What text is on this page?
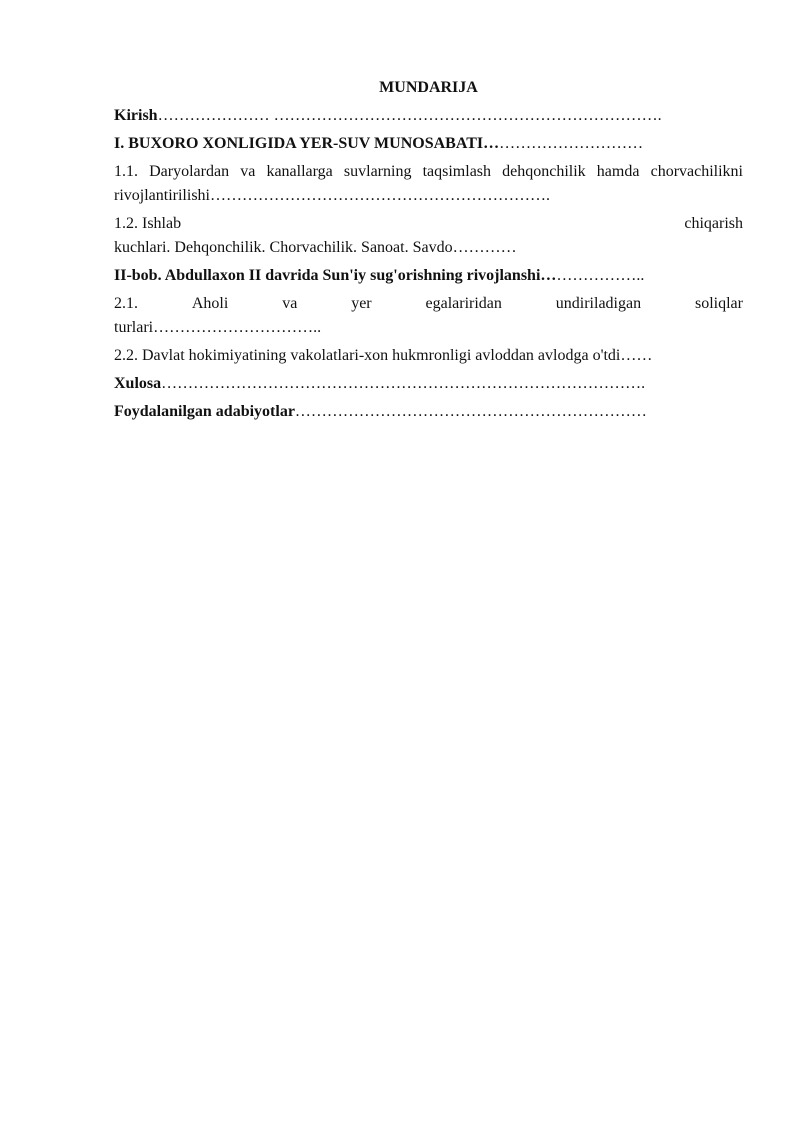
MUNDARIJA
Kirish………………… ……………………………………………………………….
I. BUXORO XONLIGIDA YER-SUV MUNOSABATI…………………………
1.1. Daryolardan va kanallarga suvlarning taqsimlash dehqonchilik hamda chorvachilikni rivojlantirilishi……………………………………………………….
1.2. Ishlab	chiqarish
kuchlari. Dehqonchilik. Chorvachilik. Sanoat. Savdo…………
II-bob. Abdullaxon II davrida Sun'iy sug'orishning rivojlanshi………………..
2.1.	Aholi	va	yer	egalariridan	undiriladigan	soliqlar
turlari…………………………..
2.2. Davlat hokimiyatining vakolatlari-xon hukmronligi avloddan avlodga o'tdi……
Xulosa……………………………………………………………………………….
Foydalanilgan adabiyotlar…………………………………………………………
